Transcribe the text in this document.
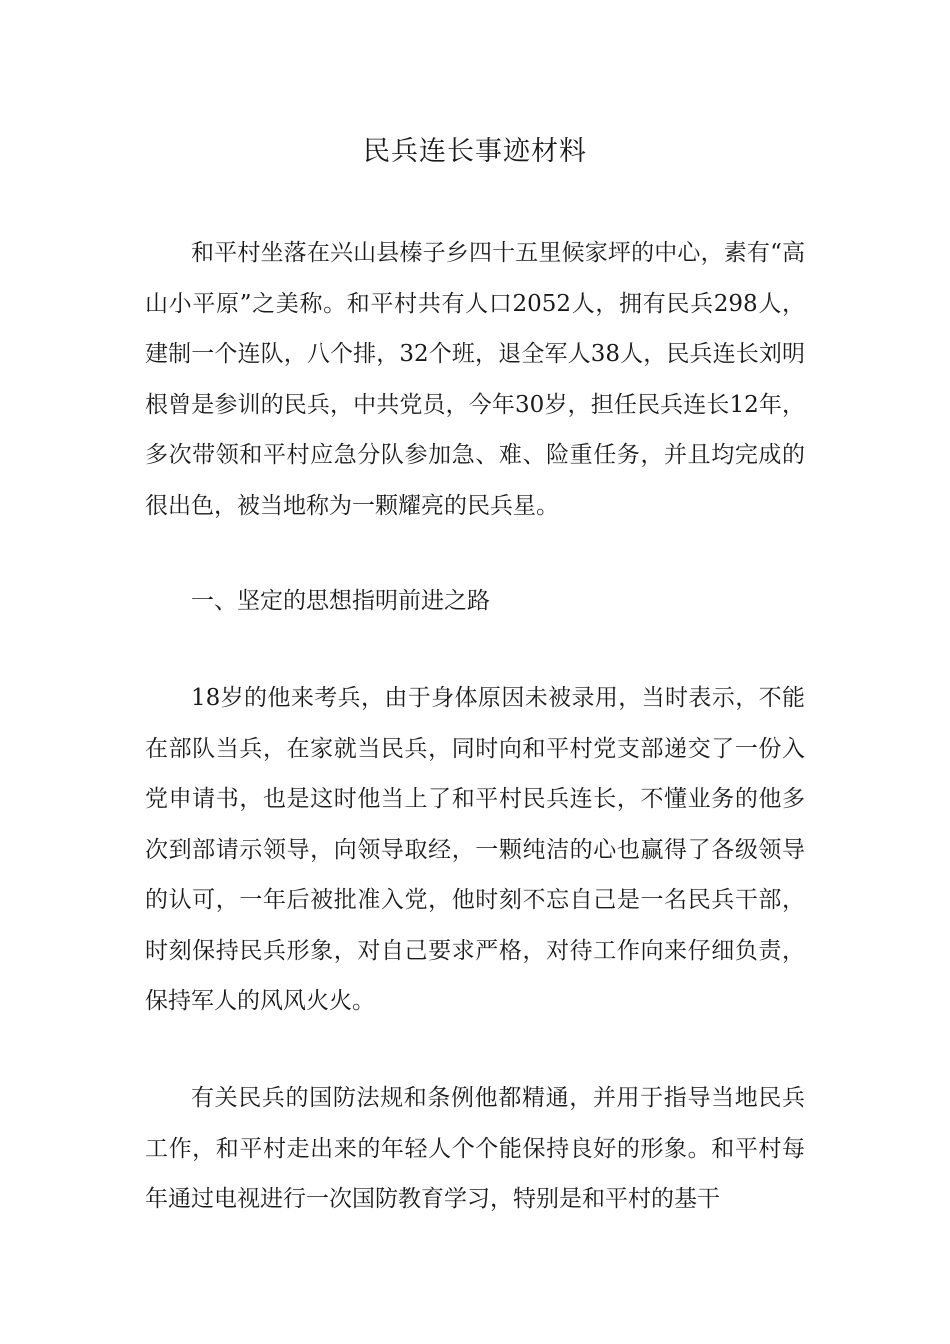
民兵连长事迹材料

和平村坐落在兴山县榛子乡四十五里候家坪的中心，素有“高山小平原”之美称。和平村共有人口2052人，拥有民兵298人，建制一个连队，八个排，32个班，退全军人38人，民兵连长刘明根曾是参训的民兵，中共党员，今年30岁，担任民兵连长12年，多次带领和平村应急分队参加急、难、险重任务，并且均完成的很出色，被当地称为一颗耀亮的民兵星。

一、坚定的思想指明前进之路

18岁的他来考兵，由于身体原因未被录用，当时表示，不能在部队当兵，在家就当民兵，同时向和平村党支部递交了一份入党申请书，也是这时他当上了和平村民兵连长，不懂业务的他多次到部请示领导，向领导取经，一颗纯洁的心也赢得了各级领导的认可，一年后被批准入党，他时刻不忘自己是一名民兵干部，时刻保持民兵形象，对自己要求严格，对待工作向来仔细负责，保持军人的风风火火。

有关民兵的国防法规和条例他都精通，并用于指导当地民兵工作，和平村走出来的年轻人个个能保持良好的形象。和平村每年通过电视进行一次国防教育学习，特别是和平村的基干
